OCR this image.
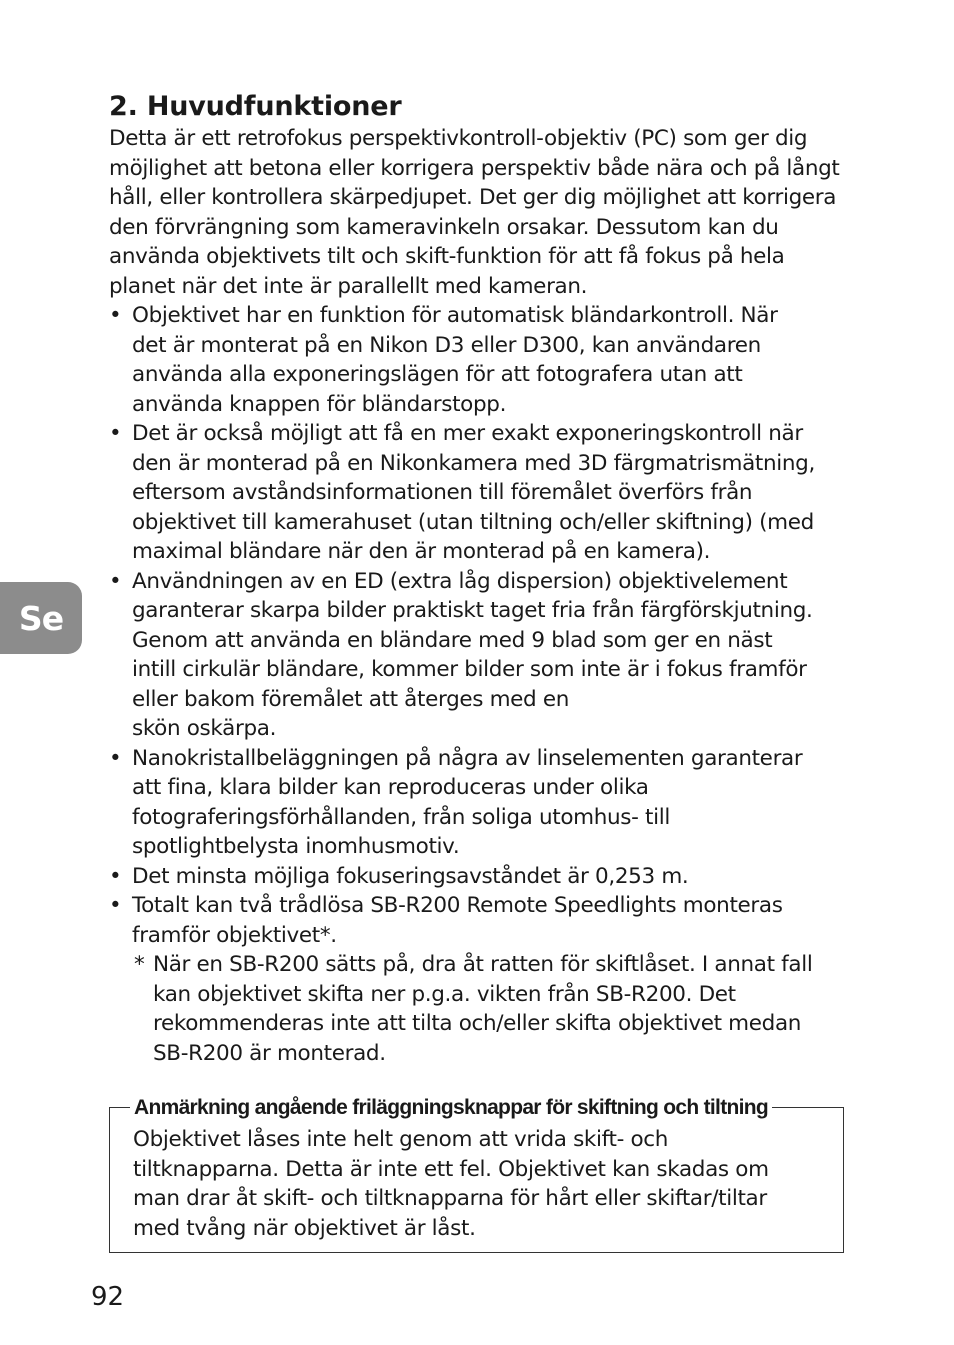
2. Huvudfunktioner
Detta är ett retrofokus perspektivkontroll-objektiv (PC) som ger dig
möjlighet att betona eller korrigera perspektiv både nära och på långt
håll, eller kontrollera skärpedjupet. Det ger dig möjlighet att korrigera
den förvrängning som kameravinkeln orsakar. Dessutom kan du
använda objektivets tilt och skift-funktion för att få fokus på hela
planet när det inte är parallellt med kameran.
• Objektivet har en funktion för automatisk bländarkontroll. När
det är monterat på en Nikon D3 eller D300, kan användaren
använda alla exponeringslägen för att fotografera utan att
använda knappen för bländarstopp.
• Det är också möjligt att få en mer exakt exponeringskontroll när
den är monterad på en Nikonkamera med 3D färgmatrismätning,
eftersom avståndsinformationen till föremålet överförs från
objektivet till kamerahuset (utan tiltning och/eller skiftning) (med
maximal bländare när den är monterad på en kamera).
• Användningen av en ED (extra låg dispersion) objektivelement
garanterar skarpa bilder praktiskt taget fria från färgförskjutning.
Genom att använda en bländare med 9 blad som ger en näst
intill cirkulär bländare, kommer bilder som inte är i fokus framför
eller bakom föremålet att återges med en
skön oskärpa.
• Nanokristallbeläggningen på några av linselementen garanterar
att fina, klara bilder kan reproduceras under olika
fotograferingsförhållanden, från soliga utomhus- till
spotlightbelysta inomhusmotiv.
• Det minsta möjliga fokuseringsavståndet är 0,253 m.
• Totalt kan två trådlösa SB-R200 Remote Speedlights monteras
framför objektivet*.
* När en SB-R200 sätts på, dra åt ratten för skiftlåset. I annat fall
kan objektivet skifta ner p.g.a. vikten från SB-R200. Det
rekommenderas inte att tilta och/eller skifta objektivet medan
SB-R200 är monterad.
Se
Anmärkning angående friläggningsknappar för skiftning och tiltning
Objektivet låses inte helt genom att vrida skift- och
tiltknapparna. Detta är inte ett fel. Objektivet kan skadas om
man drar åt skift- och tiltknapparna för hårt eller skiftar/tiltar
med tvång när objektivet är låst.
92
